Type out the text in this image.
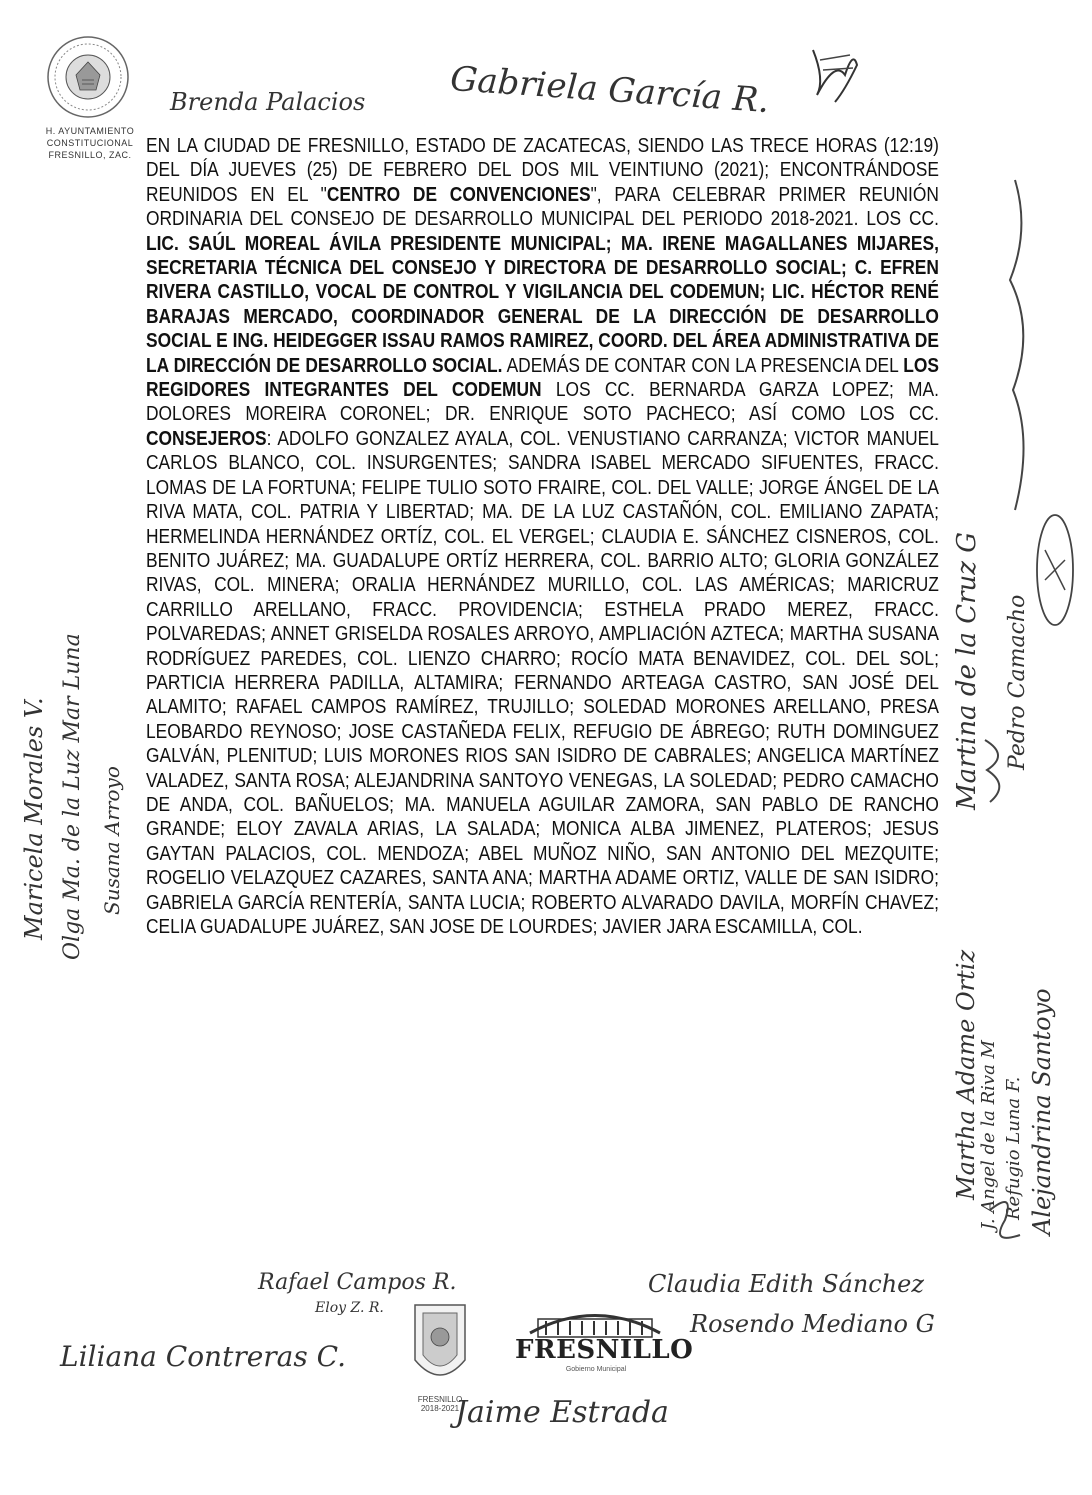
H. AYUNTAMIENTO
CONSTITUCIONAL
FRESNILLO, ZAC. EN LA CIUDAD DE FRESNILLO, ESTADO DE ZACATECAS, SIENDO LAS TRECE HORAS (12:19) DEL DÍA JUEVES (25) DE FEBRERO DEL DOS MIL VEINTIUNO (2021); ENCONTRÁNDOSE REUNIDOS EN EL "CENTRO DE CONVENCIONES", PARA CELEBRAR PRIMER REUNIÓN ORDINARIA DEL CONSEJO DE DESARROLLO MUNICIPAL DEL PERIODO 2018-2021. LOS CC. LIC. SAÚL MOREAL ÁVILA PRESIDENTE MUNICIPAL; MA. IRENE MAGALLANES MIJARES, SECRETARIA TÉCNICA DEL CONSEJO Y DIRECTORA DE DESARROLLO SOCIAL; C. EFREN RIVERA CASTILLO, VOCAL DE CONTROL Y VIGILANCIA DEL CODEMUN; LIC. HÉCTOR RENÉ BARAJAS MERCADO, COORDINADOR GENERAL DE LA DIRECCIÓN DE DESARROLLO SOCIAL E ING. HEIDEGGER ISSAU RAMOS RAMIREZ, COORD. DEL ÁREA ADMINISTRATIVA DE LA DIRECCIÓN DE DESARROLLO SOCIAL. ADEMÁS DE CONTAR CON LA PRESENCIA DEL LOS REGIDORES INTEGRANTES DEL CODEMUN LOS CC. BERNARDA GARZA LOPEZ; MA. DOLORES MOREIRA CORONEL; DR. ENRIQUE SOTO PACHECO; ASÍ COMO LOS CC. CONSEJEROS: ADOLFO GONZALEZ AYALA, COL. VENUSTIANO CARRANZA; VICTOR MANUEL CARLOS BLANCO, COL. INSURGENTES; SANDRA ISABEL MERCADO SIFUENTES, FRACC. LOMAS DE LA FORTUNA; FELIPE TULIO SOTO FRAIRE, COL. DEL VALLE; JORGE ÁNGEL DE LA RIVA MATA, COL. PATRIA Y LIBERTAD; MA. DE LA LUZ CASTAÑÓN, COL. EMILIANO ZAPATA; HERMELINDA HERNÁNDEZ ORTÍZ, COL. EL VERGEL; CLAUDIA E. SÁNCHEZ CISNEROS, COL. BENITO JUÁREZ; MA. GUADALUPE ORTÍZ HERRERA, COL. BARRIO ALTO; GLORIA GONZÁLEZ RIVAS, COL. MINERA; ORALIA HERNÁNDEZ MURILLO, COL. LAS AMÉRICAS; MARICRUZ CARRILLO ARELLANO, FRACC. PROVIDENCIA; ESTHELA PRADO MEREZ, FRACC. POLVAREDAS; ANNET GRISELDA ROSALES ARROYO, AMPLIACIÓN AZTECA; MARTHA SUSANA RODRÍGUEZ PAREDES, COL. LIENZO CHARRO; ROCÍO MATA BENAVIDEZ, COL. DEL SOL; PARTICIA HERRERA PADILLA, ALTAMIRA; FERNANDO ARTEAGA CASTRO, SAN JOSÉ DEL ALAMITO; RAFAEL CAMPOS RAMÍREZ, TRUJILLO; SOLEDAD MORONES ARELLANO, PRESA LEOBARDO REYNOSO; JOSE CASTAÑEDA FELIX, REFUGIO DE ÁBREGO; RUTH DOMINGUEZ GALVÁN, PLENITUD; LUIS MORONES RIOS SAN ISIDRO DE CABRALES; ANGELICA MARTÍNEZ VALADEZ, SANTA ROSA; ALEJANDRINA SANTOYO VENEGAS, LA SOLEDAD; PEDRO CAMACHO DE ANDA, COL. BAÑUELOS; MA. MANUELA AGUILAR ZAMORA, SAN PABLO DE RANCHO GRANDE; ELOY ZAVALA ARIAS, LA SALADA; MONICA ALBA JIMENEZ, PLATEROS; JESUS GAYTAN PALACIOS, COL. MENDOZA; ABEL MUÑOZ NIÑO, SAN ANTONIO DEL MEZQUITE; ROGELIO VELAZQUEZ CAZARES, SANTA ANA; MARTHA ADAME ORTIZ, VALLE DE SAN ISIDRO; GABRIELA GARCÍA RENTERÍA, SANTA LUCIA; ROBERTO ALVARADO DAVILA, MORFÍN CHAVEZ; CELIA GUADALUPE JUÁREZ, SAN JOSE DE LOURDES; JAVIER JARA ESCAMILLA, COL.
Brenda Palacios Gabriela García R.
Martina de la Cruz G Pedro Camacho
Martha Adame Ortiz
J. Angel de la Riva M Refugio Luna F. Alejandrina Santoyo
Maricela Morales V. Olga Ma. de la Luz Mar Luna Susana Arroyo
Rafael Campos R.
Eloy Z. R.
Claudia Edith Sánchez
Rosendo Mediano G
Liliana Contreras C.
Jaime Estrada
FRESNILLO
2018-2021
FRESNILLO
Gobierno Municipal
